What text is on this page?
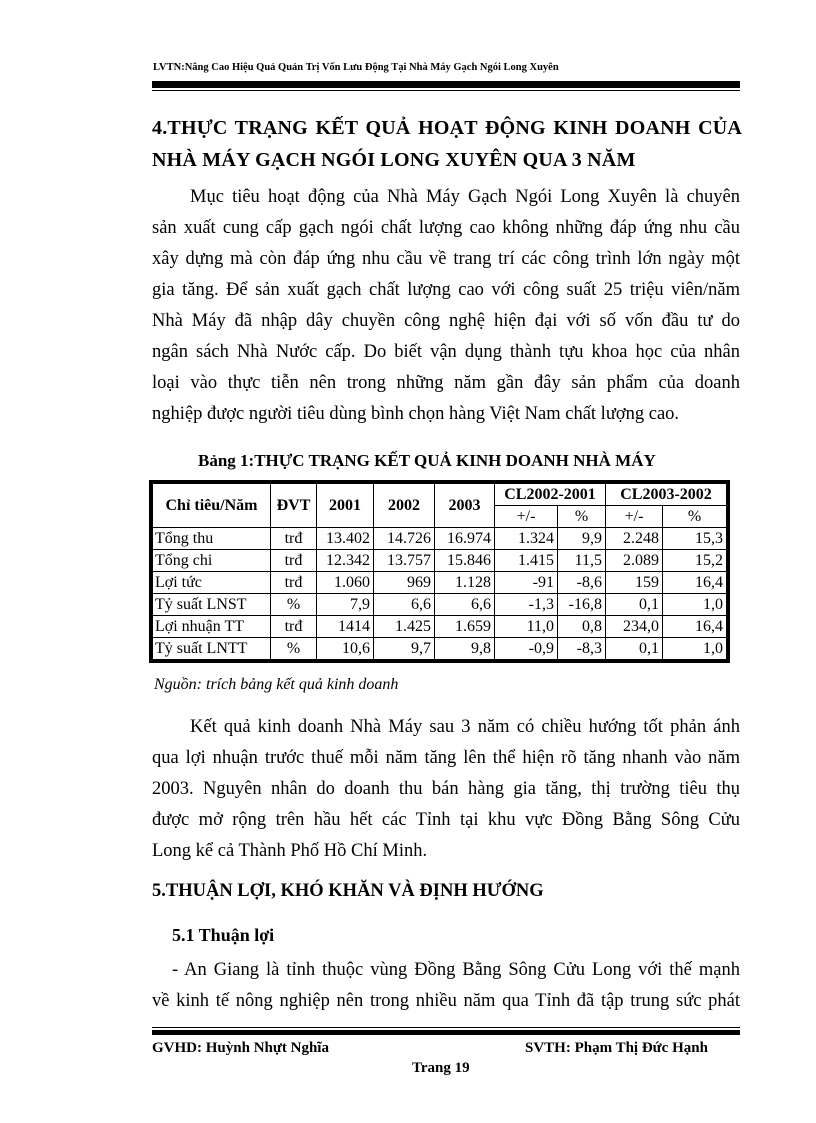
LVTN:Nâng Cao Hiệu Quả Quản Trị Vốn Lưu Động Tại Nhà Máy Gạch Ngói Long Xuyên
4.THỰC TRẠNG KẾT QUẢ HOẠT ĐỘNG KINH DOANH CỦA
NHÀ MÁY GẠCH NGÓI LONG XUYÊN QUA 3 NĂM
Mục tiêu hoạt động của Nhà Máy Gạch Ngói Long Xuyên là chuyên
sản xuất cung cấp gạch ngói chất lượng cao không những đáp ứng nhu cầu
xây dựng mà còn đáp ứng nhu cầu về trang trí các công trình lớn ngày một
gia tăng. Để sản xuất gạch chất lượng cao với công suất 25 triệu viên/năm
Nhà Máy đã nhập dây chuyền công nghệ hiện đại với số vốn đầu tư do
ngân sách Nhà Nước cấp. Do biết vận dụng thành tựu khoa học của nhân
loại vào thực tiễn nên trong những năm gần đây sản phẩm của doanh
nghiệp được người tiêu dùng bình chọn hàng Việt Nam chất lượng cao.
Bảng 1:THỰC TRẠNG KẾT QUẢ KINH DOANH NHÀ MÁY
Chỉ tiêu/Năm	ĐVT	2001	2002	2003	CL2002-2001		CL2003-2002	
					+/-	%	+/-	%
Tổng thu	trđ	13.402	14.726	16.974	1.324	9,9	2.248	15,3
Tổng chi	trđ	12.342	13.757	15.846	1.415	11,5	2.089	15,2
Lợi tức	trđ	1.060	969	1.128	-91	-8,6	159	16,4
Tỷ suất LNST	%	7,9	6,6	6,6	-1,3	-16,8	0,1	1,0
Lợi nhuận TT	trđ	1414	1.425	1.659	11,0	0,8	234,0	16,4
Tỷ suất LNTT	%	10,6	9,7	9,8	-0,9	-8,3	0,1	1,0
Nguồn: trích bảng kết quả kinh doanh
Kết quả kinh doanh Nhà Máy sau 3 năm có chiều hướng tốt phản ánh
qua lợi nhuận trước thuế mỗi năm tăng lên thể hiện rõ tăng nhanh vào năm
2003. Nguyên nhân do doanh thu bán hàng gia tăng, thị trường tiêu thụ
được mở rộng trên hầu hết các Tỉnh tại khu vực Đồng Bằng Sông Cửu
Long kể cả Thành Phố Hồ Chí Minh.
5.THUẬN LỢI, KHÓ KHĂN VÀ ĐỊNH HƯỚNG
5.1 Thuận lợi
- An Giang là tỉnh thuộc vùng Đồng Bằng Sông Cửu Long với thế mạnh
về kinh tế nông nghiệp nên trong nhiều năm qua Tỉnh đã tập trung sức phát
GVHD: Huỳnh Nhựt Nghĩa	SVTH: Phạm Thị Đức Hạnh
Trang 19
